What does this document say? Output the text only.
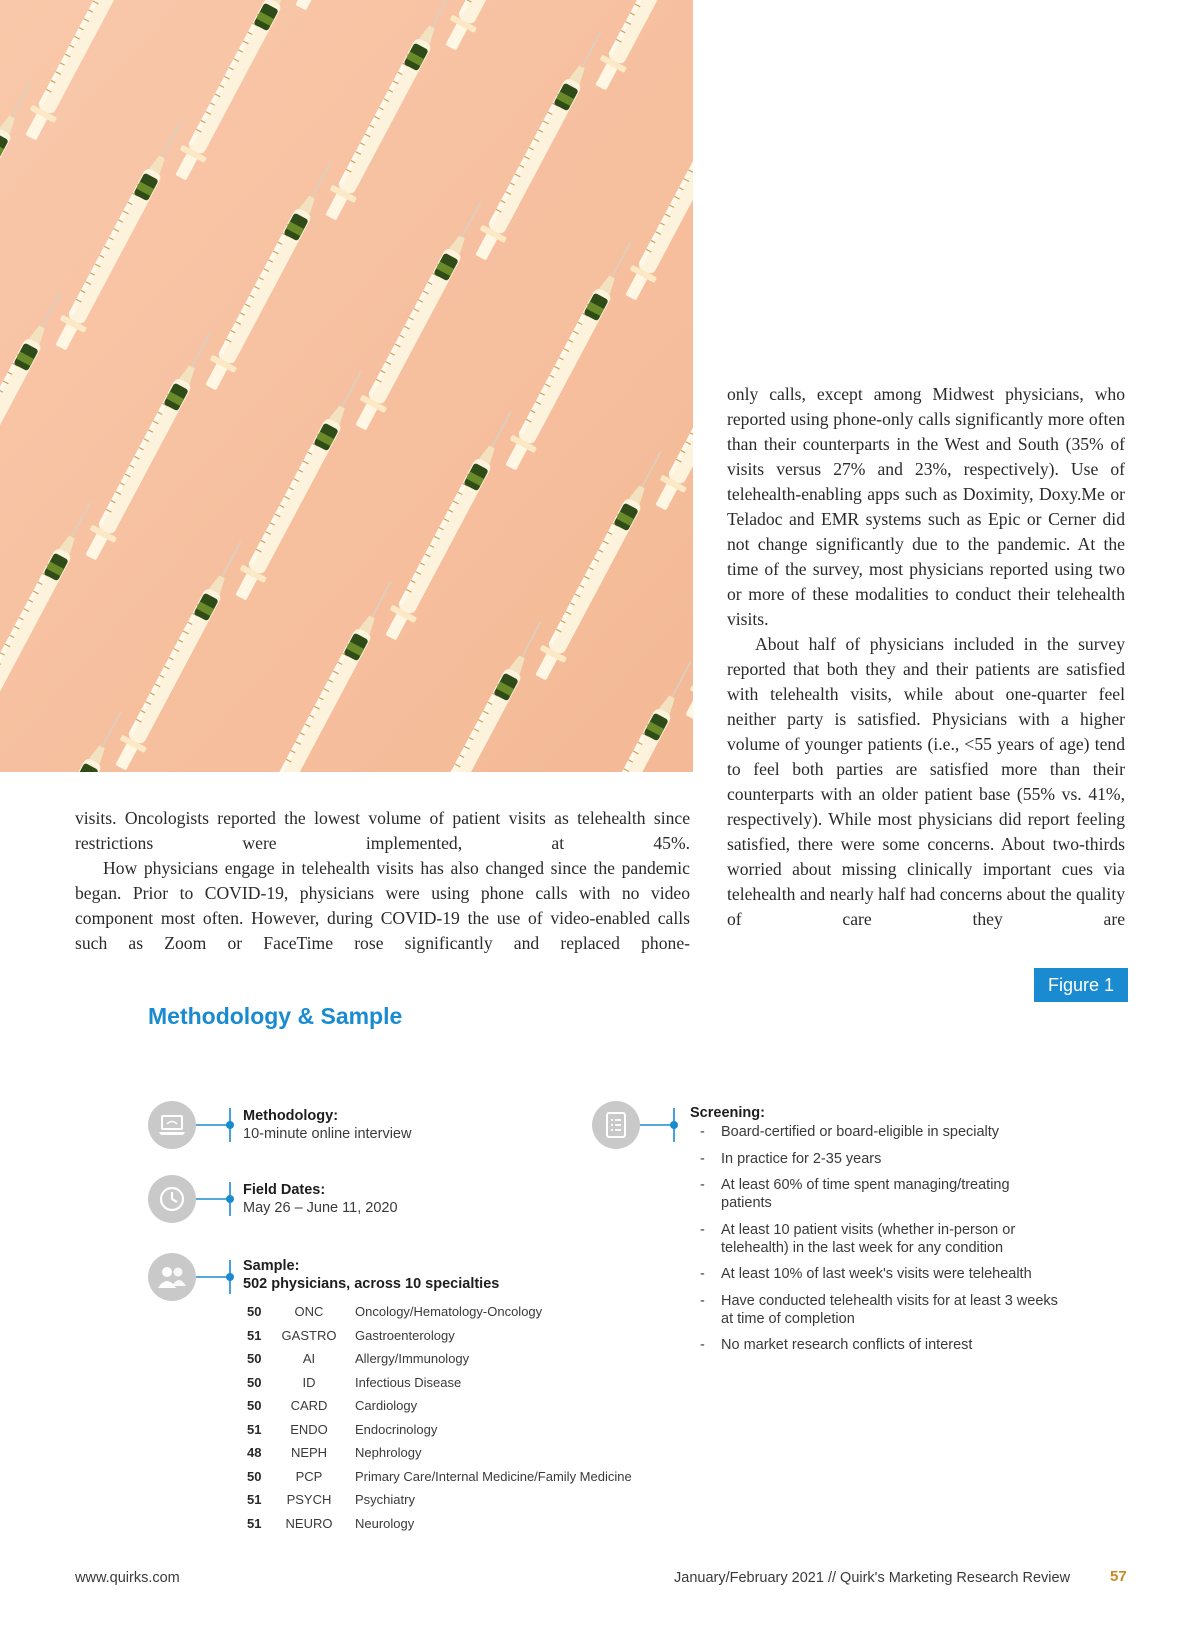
only calls, except among Midwest physicians, who reported using phone-only calls significantly more often than their counterparts in the West and South (35% of visits versus 27% and 23%, respectively). Use of telehealth-enabling apps such as Doximity, Doxy.Me or Teladoc and EMR systems such as Epic or Cerner did not change significantly due to the pandemic. At the time of the survey, most physicians reported using two or more of these modalities to conduct their telehealth visits.

About half of physicians included in the survey reported that both they and their patients are satisfied with telehealth visits, while about one-quarter feel neither party is satisfied. Physicians with a higher volume of younger patients (i.e., <55 years of age) tend to feel both parties are satisfied more than their counterparts with an older patient base (55% vs. 41%, respectively). While most physicians did report feeling satisfied, there were some concerns. About two-thirds worried about missing clinically important cues via telehealth and nearly half had concerns about the quality of care they are

visits. Oncologists reported the lowest volume of patient visits as telehealth since restrictions were implemented, at 45%.

How physicians engage in telehealth visits has also changed since the pandemic began. Prior to COVID-19, physicians were using phone calls with no video component most often. However, during COVID-19 the use of video-enabled calls such as Zoom or FaceTime rose significantly and replaced phone-

Figure 1
Methodology & Sample
Methodology:
10-minute online interview
Field Dates:
May 26 – June 11, 2020
Sample:
502 physicians, across 10 specialties
50	ONC	Oncology/Hematology-Oncology
51	GASTRO	Gastroenterology
50	AI	Allergy/Immunology
50	ID	Infectious Disease
50	CARD	Cardiology
51	ENDO	Endocrinology
48	NEPH	Nephrology
50	PCP	Primary Care/Internal Medicine/Family Medicine
51	PSYCH	Psychiatry
51	NEURO	Neurology
Screening:
- Board-certified or board-eligible in specialty
- In practice for 2-35 years
- At least 60% of time spent managing/treating patients
- At least 10 patient visits (whether in-person or telehealth) in the last week for any condition
- At least 10% of last week's visits were telehealth
- Have conducted telehealth visits for at least 3 weeks at time of completion
- No market research conflicts of interest
www.quirks.com	January/February 2021 // Quirk's Marketing Research Review	57
